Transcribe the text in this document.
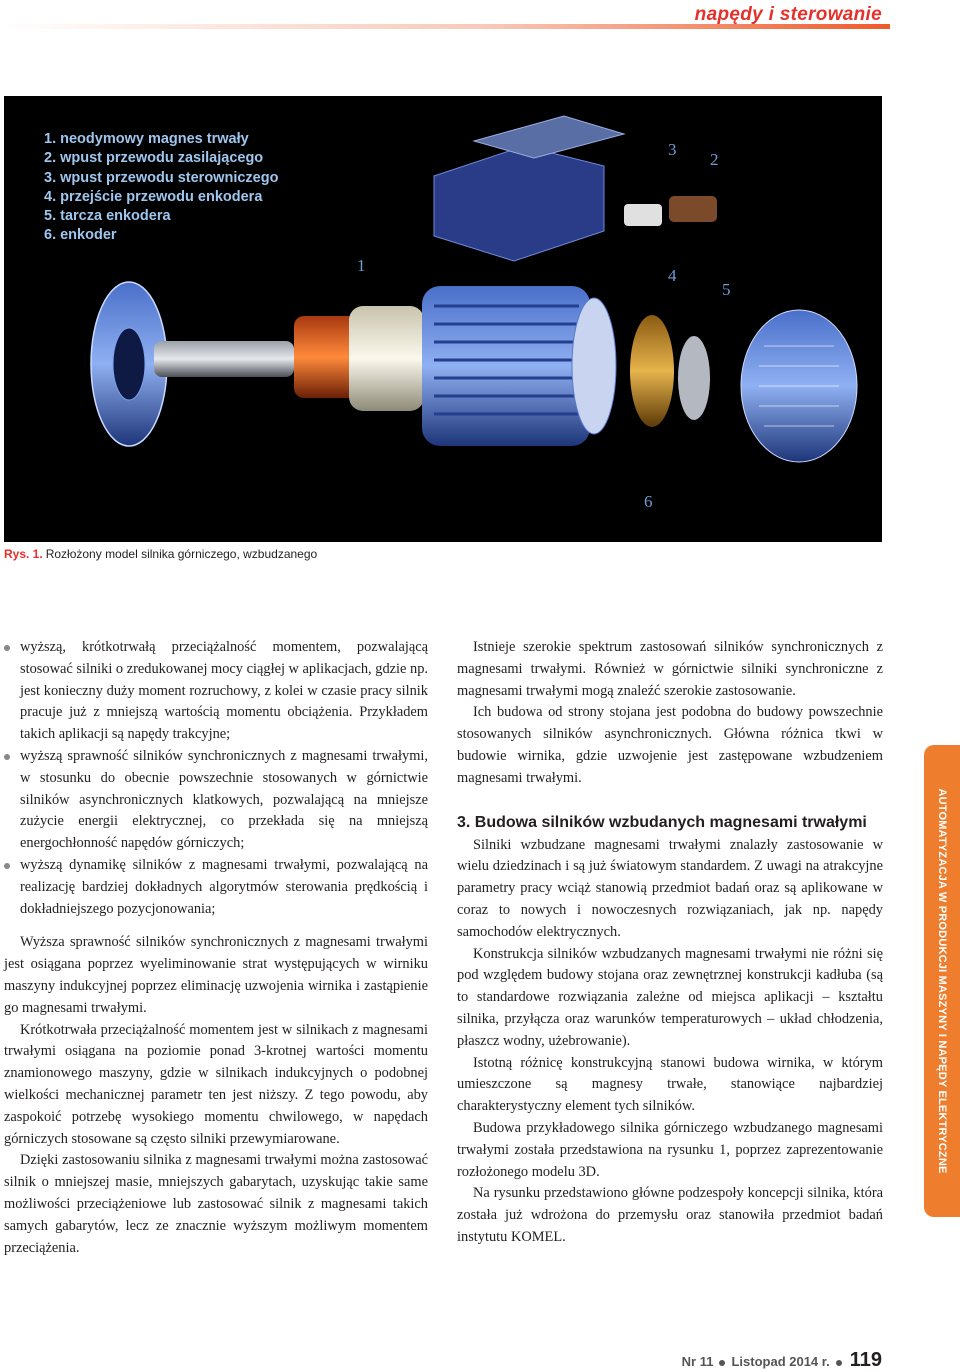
napędy i sterowanie
1. neodymowy magnes trwały
2. wpust przewodu zasilającego
3. wpust przewodu sterowniczego
4. przejście przewodu enkodera
5. tarcza enkodera
6. enkoder
1
2
3
4
5
6
Rys. 1. Rozłożony model silnika górniczego, wzbudzanego
wyższą, krótkotrwałą przeciążalność momentem, pozwalającą stosować silniki o zredukowanej mocy ciągłej w aplikacjach, gdzie np. jest konieczny duży moment rozruchowy, z kolei w czasie pracy silnik pracuje już z mniejszą wartością momentu obciążenia. Przykładem takich aplikacji są napędy trakcyjne;
wyższą sprawność silników synchronicznych z magnesami trwałymi, w stosunku do obecnie powszechnie stosowanych w górnictwie silników asynchronicznych klatkowych, pozwalającą na mniejsze zużycie energii elektrycznej, co przekłada się na mniejszą energochłonność napędów górniczych;
wyższą dynamikę silników z magnesami trwałymi, pozwalającą na realizację bardziej dokładnych algorytmów sterowania prędkością i dokładniejszego pozycjonowania;

Wyższa sprawność silników synchronicznych z magnesami trwałymi jest osiągana poprzez wyeliminowanie strat występujących w wirniku maszyny indukcyjnej poprzez eliminację uzwojenia wirnika i zastąpienie go magnesami trwałymi.

Krótkotrwała przeciążalność momentem jest w silnikach z magnesami trwałymi osiągana na poziomie ponad 3-krotnej wartości momentu znamionowego maszyny, gdzie w silnikach indukcyjnych o podobnej wielkości mechanicznej parametr ten jest niższy. Z tego powodu, aby zaspokoić potrzebę wysokiego momentu chwilowego, w napędach górniczych stosowane są często silniki przewymiarowane.

Dzięki zastosowaniu silnika z magnesami trwałymi można zastosować silnik o mniejszej masie, mniejszych gabarytach, uzyskując takie same możliwości przeciążeniowe lub zastosować silnik z magnesami takich samych gabarytów, lecz ze znacznie wyższym możliwym momentem przeciążenia.

Istnieje szerokie spektrum zastosowań silników synchronicznych z magnesami trwałymi. Również w górnictwie silniki synchroniczne z magnesami trwałymi mogą znaleźć szerokie zastosowanie.

Ich budowa od strony stojana jest podobna do budowy powszechnie stosowanych silników asynchronicznych. Główna różnica tkwi w budowie wirnika, gdzie uzwojenie jest zastępowane wzbudzeniem magnesami trwałymi.

3. Budowa silników wzbudanych magnesami trwałymi

Silniki wzbudzane magnesami trwałymi znalazły zastosowanie w wielu dziedzinach i są już światowym standardem. Z uwagi na atrakcyjne parametry pracy wciąż stanowią przedmiot badań oraz są aplikowane w coraz to nowych i nowoczesnych rozwiązaniach, jak np. napędy samochodów elektrycznych.

Konstrukcja silników wzbudzanych magnesami trwałymi nie różni się pod względem budowy stojana oraz zewnętrznej konstrukcji kadłuba (są to standardowe rozwiązania zależne od miejsca aplikacji – kształtu silnika, przyłącza oraz warunków temperaturowych – układ chłodzenia, płaszcz wodny, użebrowanie).

Istotną różnicę konstrukcyjną stanowi budowa wirnika, w którym umieszczone są magnesy trwałe, stanowiące najbardziej charakterystyczny element tych silników.

Budowa przykładowego silnika górniczego wzbudzanego magnesami trwałymi została przedstawiona na rysunku 1, poprzez zaprezentowanie rozłożonego modelu 3D.

Na rysunku przedstawiono główne podzespoły koncepcji silnika, która została już wdrożona do przemysłu oraz stanowiła przedmiot badań instytutu KOMEL.

AUTOMATYZACJA W PRODUKCJI MASZYNY I NAPĘDY ELEKTRYCZNE
Nr 11 Listopad 2014 r. 119
